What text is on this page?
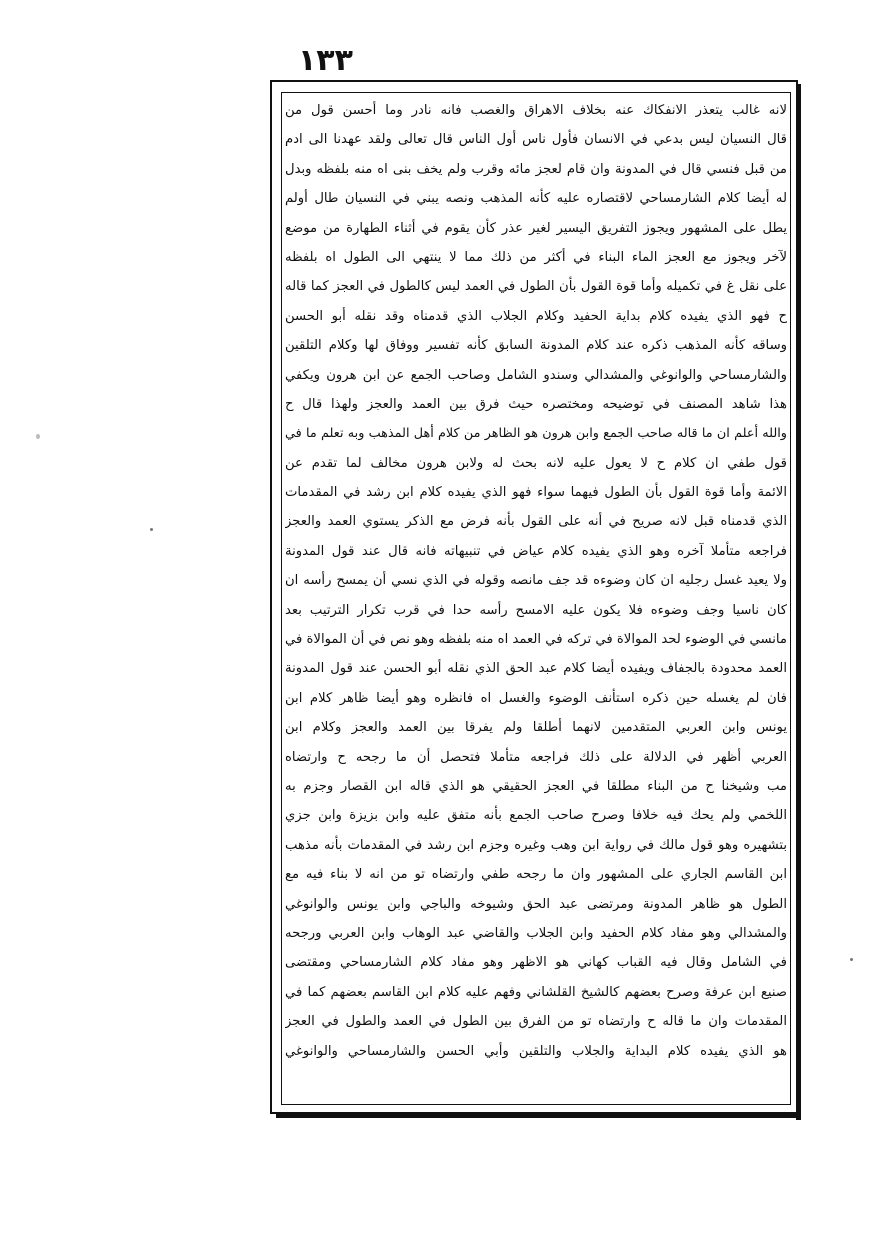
١٣٣
لانه غالب يتعذر الانفكاك عنه بخلاف الاهراق والغصب فانه نادر وما أحسن قول من
قال النسيان ليس بدعي في الانسان فأول ناس أول الناس قال تعالى ولقد عهدنا الى ادم
من قبل فنسي قال في المدونة وان قام لعجز مائه وقرب ولم يخف بنى اه منه بلفظه وبدل
له أيضا كلام الشارمساحي لاقتصاره عليه كأنه المذهب ونصه يبني في النسيان طال أولم
يطل على المشهور ويجوز التفريق اليسير لغير عذر كأن يقوم في أثناء الطهارة من موضع
لآخر ويجوز مع العجز الماء البناء في أكثر من ذلك مما لا ينتهي الى الطول اه بلفظه
على نقل غ في تكميله وأما قوة القول بأن الطول في العمد ليس كالطول في العجز كما قاله
ح فهو الذي يفيده كلام بداية الحفيد وكلام الجلاب الذي قدمناه وقد نقله أبو الحسن
وساقه كأنه المذهب ذكره عند كلام المدونة السابق كأنه تفسير ووفاق لها وكلام التلقين
والشارمساحي والوانوغي والمشدالي وسندو الشامل وصاحب الجمع عن ابن هرون ويكفي
هذا شاهد المصنف في توضيحه ومختصره حيث فرق بين العمد والعجز ولهذا قال ح
والله أعلم ان ما قاله صاحب الجمع وابن هرون هو الظاهر من كلام أهل المذهب وبه تعلم ما في
قول طفي ان كلام ح لا يعول عليه لانه بحث له ولابن هرون مخالف لما تقدم عن
الائمة وأما قوة القول بأن الطول فيهما سواء فهو الذي يفيده كلام ابن رشد في المقدمات
الذي قدمناه قبل لانه صريح في أنه على القول بأنه فرض مع الذكر يستوي العمد والعجز
فراجعه متأملا آخره وهو الذي يفيده كلام عياض في تنبيهاته فانه قال عند قول المدونة
ولا يعيد غسل رجليه ان كان وضوءه قد جف مانصه وقوله في الذي نسي أن يمسح رأسه ان
كان ناسيا وجف وضوءه فلا يكون عليه الامسح رأسه حدا في قرب تكرار الترتيب بعد
مانسي في الوضوء لحد الموالاة في تركه في العمد اه منه بلفظه وهو نص في أن الموالاة في
العمد محدودة بالجفاف ويفيده أيضا كلام عبد الحق الذي نقله أبو الحسن عند قول المدونة
فان لم يغسله حين ذكره استأنف الوضوء والغسل اه فانظره وهو أيضا ظاهر كلام ابن
يونس وابن العربي المتقدمين لانهما أطلقا ولم يفرقا بين العمد والعجز وكلام ابن
العربي أظهر في الدلالة على ذلك فراجعه متأملا فتحصل أن ما رجحه ح وارتضاه
مب وشيخنا ح من البناء مطلقا في العجز الحقيقي هو الذي قاله ابن القصار وجزم به
اللخمي ولم يحك فيه خلافا وصرح صاحب الجمع بأنه متفق عليه وابن بزيزة وابن جزي
بتشهيره وهو قول مالك في رواية ابن وهب وغيره وجزم ابن رشد في المقدمات بأنه مذهب
ابن القاسم الجاري على المشهور وان ما رجحه طفي وارتضاه تو من انه لا بناء فيه مع
الطول هو ظاهر المدونة ومرتضى عبد الحق وشيوخه والباجي وابن يونس والوانوغي
والمشدالي وهو مفاد كلام الحفيد وابن الجلاب والقاضي عبد الوهاب وابن العربي ورجحه
في الشامل وقال فيه القباب كهاني هو الاظهر وهو مفاد كلام الشارمساحي ومقتضى
صنيع ابن عرفة وصرح بعضهم كالشيخ القلشاني وفهم عليه كلام ابن القاسم بعضهم كما في
المقدمات وان ما قاله ح وارتضاه تو من الفرق بين الطول في العمد والطول في العجز
هو الذي يفيده كلام البداية والجلاب والتلقين وأبي الحسن والشارمساحي والوانوغي
